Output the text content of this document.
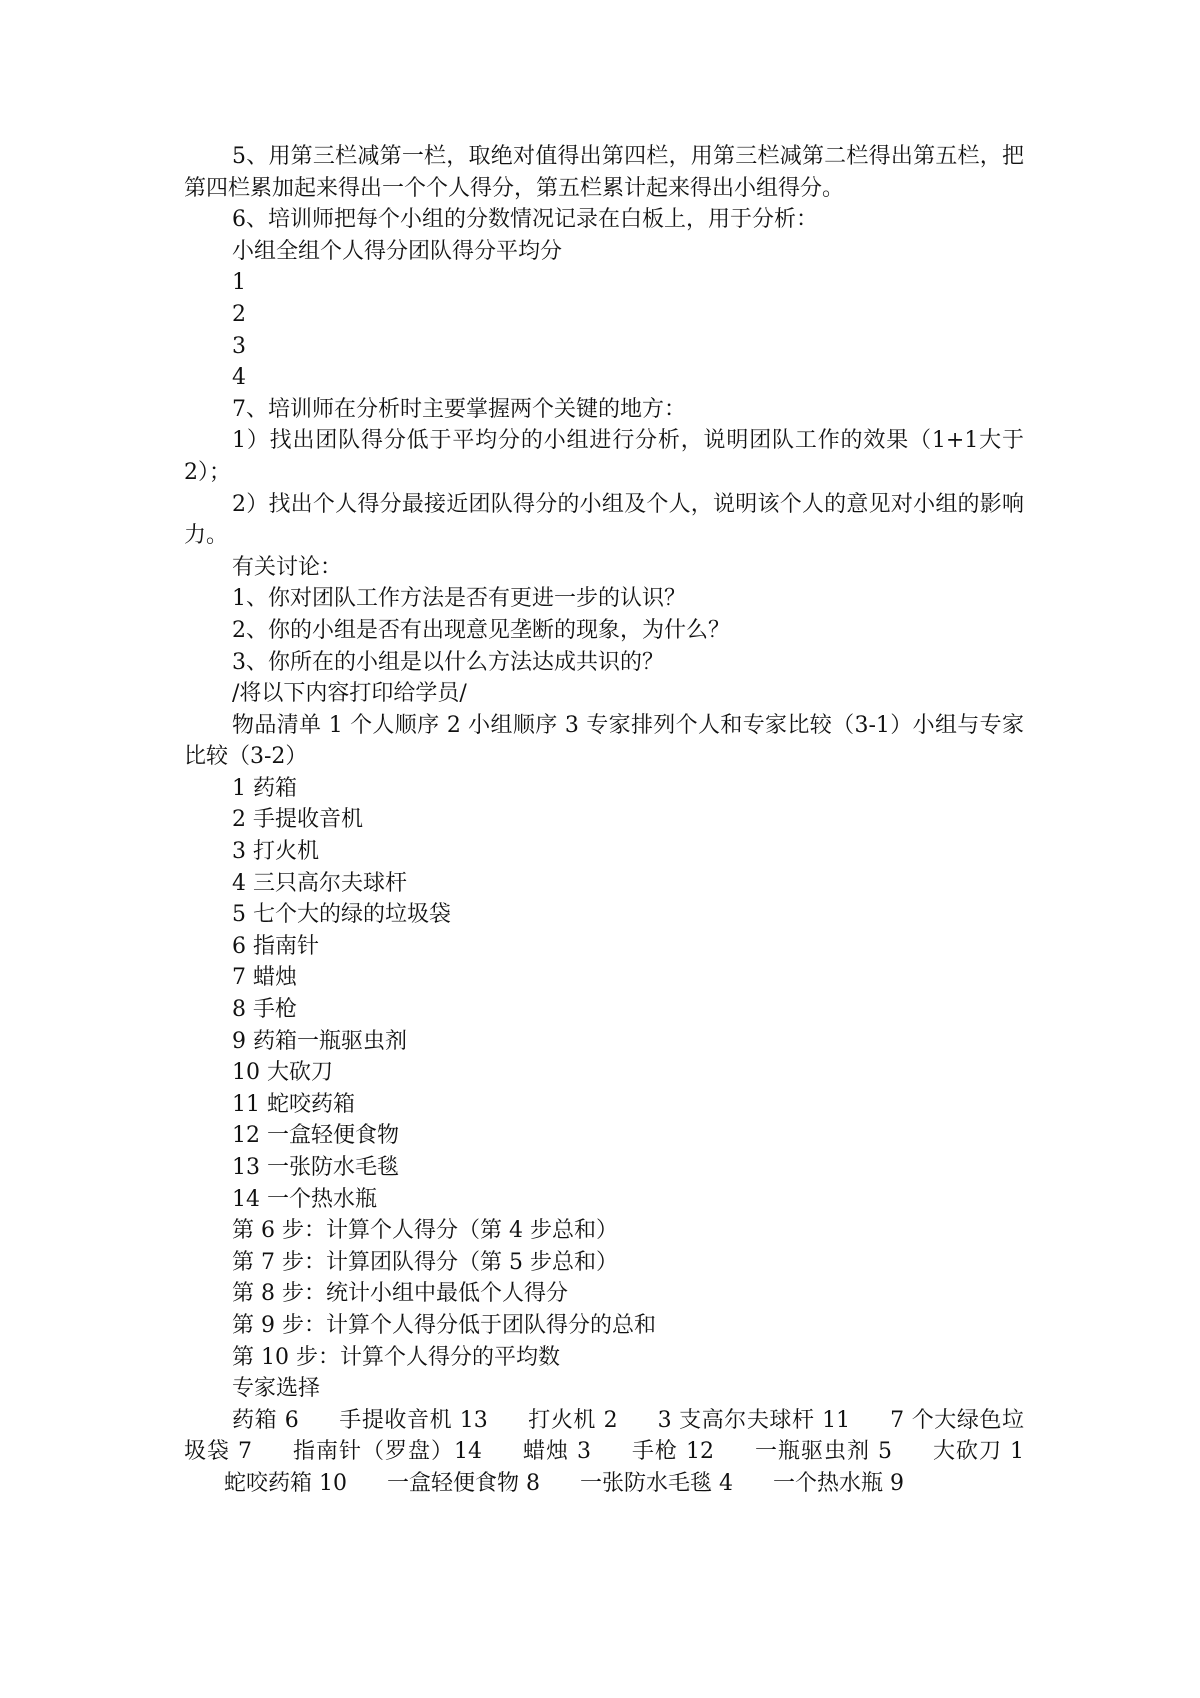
5、用第三栏减第一栏，取绝对值得出第四栏，用第三栏减第二栏得出第五栏，把第四栏累加起来得出一个个人得分，第五栏累计起来得出小组得分。

6、培训师把每个小组的分数情况记录在白板上，用于分析：

小组全组个人得分团队得分平均分

1

2

3

4

7、培训师在分析时主要掌握两个关键的地方：

1）找出团队得分低于平均分的小组进行分析，说明团队工作的效果（1+1大于2）；

2）找出个人得分最接近团队得分的小组及个人，说明该个人的意见对小组的影响力。

有关讨论：

1、你对团队工作方法是否有更进一步的认识？

2、你的小组是否有出现意见垄断的现象，为什么？

3、你所在的小组是以什么方法达成共识的？

/将以下内容打印给学员/

物品清单 1 个人顺序 2 小组顺序 3 专家排列个人和专家比较（3-1）小组与专家比较（3-2）

1 药箱

2 手提收音机

3 打火机

4 三只高尔夫球杆

5 七个大的绿的垃圾袋

6 指南针

7 蜡烛

8 手枪

9 药箱一瓶驱虫剂

10 大砍刀

11 蛇咬药箱

12 一盒轻便食物

13 一张防水毛毯

14 一个热水瓶

第 6 步：计算个人得分（第 4 步总和）

第 7 步：计算团队得分（第 5 步总和）

第 8 步：统计小组中最低个人得分

第 9 步：计算个人得分低于团队得分的总和

第 10 步：计算个人得分的平均数

专家选择

药箱 6 手提收音机 13 打火机 2 3 支高尔夫球杆 11 7 个大绿色垃圾袋 7 指南针（罗盘）14 蜡烛 3 手枪 12 一瓶驱虫剂 5 大砍刀 1蛇咬药箱 10 一盒轻便食物 8 一张防水毛毯 4 一个热水瓶 9
